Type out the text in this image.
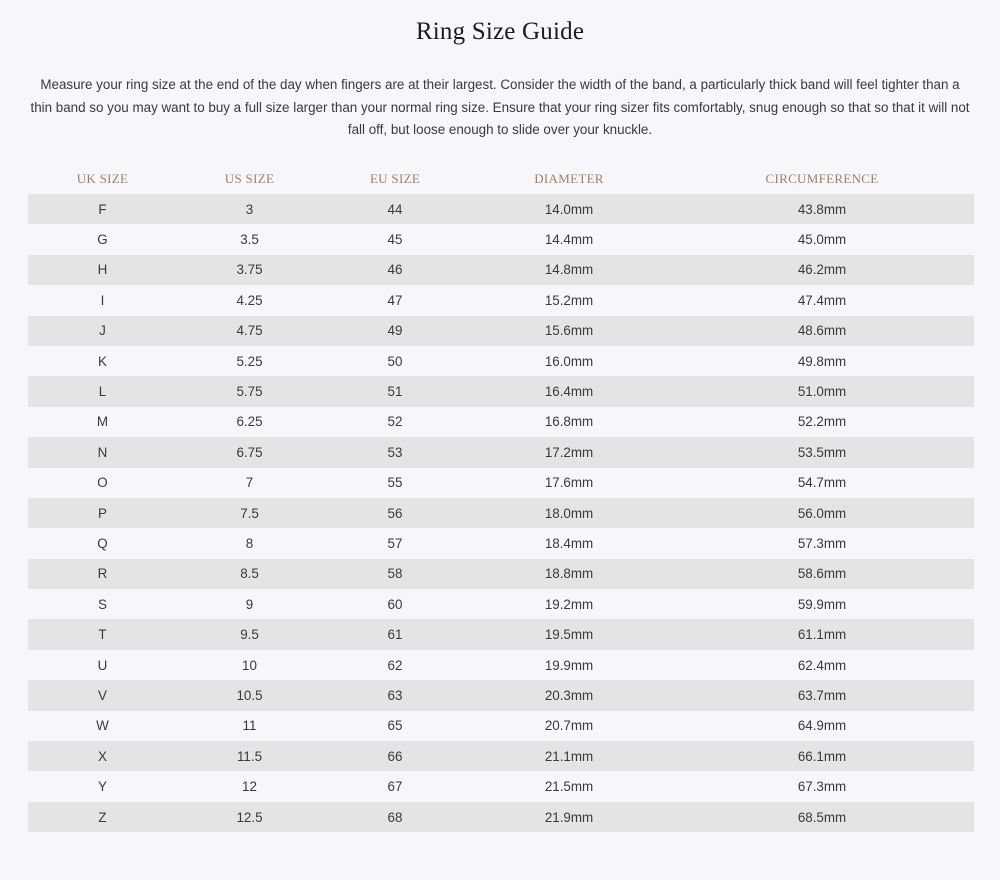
Ring Size Guide

Measure your ring size at the end of the day when fingers are at their largest. Consider the width of the band, a particularly thick band will feel tighter than a thin band so you may want to buy a full size larger than your normal ring size. Ensure that your ring sizer fits comfortably, snug enough so that so that it will not fall off, but loose enough to slide over your knuckle.

UK SIZE	US SIZE	EU SIZE	DIAMETER	CIRCUMFERENCE
F	3	44	14.0mm	43.8mm
G	3.5	45	14.4mm	45.0mm
H	3.75	46	14.8mm	46.2mm
I	4.25	47	15.2mm	47.4mm
J	4.75	49	15.6mm	48.6mm
K	5.25	50	16.0mm	49.8mm
L	5.75	51	16.4mm	51.0mm
M	6.25	52	16.8mm	52.2mm
N	6.75	53	17.2mm	53.5mm
O	7	55	17.6mm	54.7mm
P	7.5	56	18.0mm	56.0mm
Q	8	57	18.4mm	57.3mm
R	8.5	58	18.8mm	58.6mm
S	9	60	19.2mm	59.9mm
T	9.5	61	19.5mm	61.1mm
U	10	62	19.9mm	62.4mm
V	10.5	63	20.3mm	63.7mm
W	11	65	20.7mm	64.9mm
X	11.5	66	21.1mm	66.1mm
Y	12	67	21.5mm	67.3mm
Z	12.5	68	21.9mm	68.5mm
